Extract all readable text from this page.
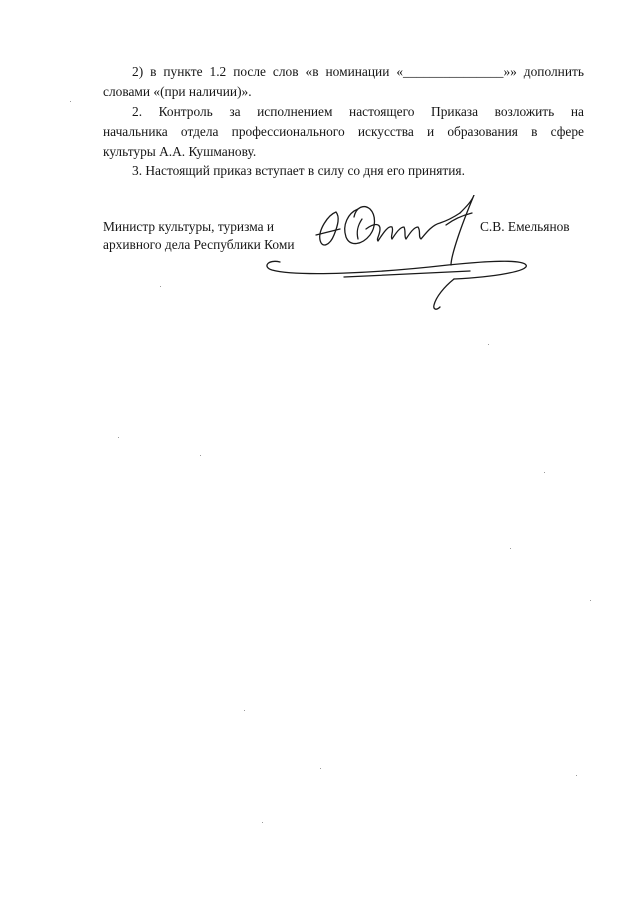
2) в пункте 1.2 после слов «в номинации «_______________»» дополнить
словами «(при наличии)».
2. Контроль за исполнением настоящего Приказа возложить на
начальника отдела профессионального искусства и образования в сфере
культуры А.А. Кушманову.
3. Настоящий приказ вступает в силу со дня его принятия.
Министр культуры, туризма и
архивного дела Республики Коми
С.В. Емельянов
